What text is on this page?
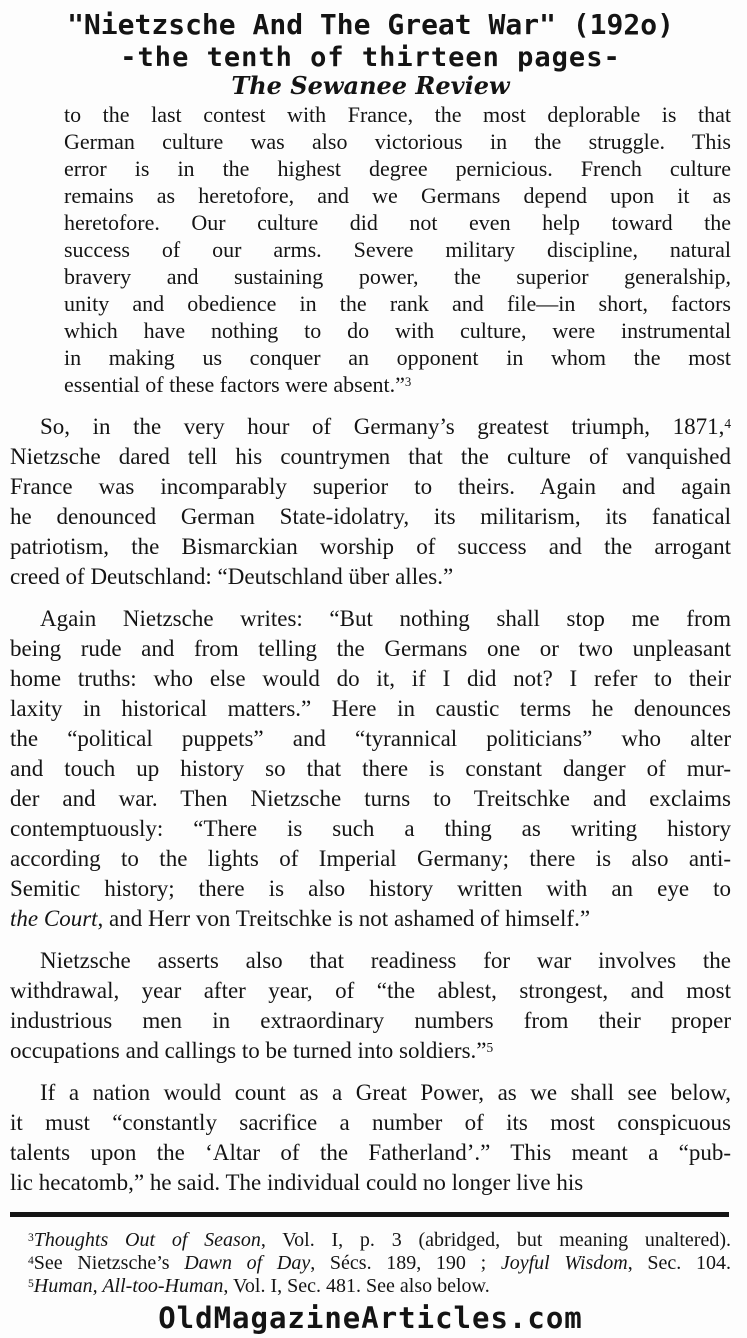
"Nietzsche And The Great War" (192o)
-the tenth of thirteen pages-
The Sewanee Review
to the last contest with France, the most deplorable is that
German culture was also victorious in the struggle. This
error is in the highest degree pernicious. French culture
remains as heretofore, and we Germans depend upon it as
heretofore. Our culture did not even help toward the
success of our arms. Severe military discipline, natural
bravery and sustaining power, the superior generalship,
unity and obedience in the rank and file—in short, factors
which have nothing to do with culture, were instrumental
in making us conquer an opponent in whom the most
essential of these factors were absent.”$^3$
So, in the very hour of Germany’s greatest triumph, 1871,$^4$
Nietzsche dared tell his countrymen that the culture of vanquished
France was incomparably superior to theirs. Again and again
he denounced German State-idolatry, its militarism, its fanatical
patriotism, the Bismarckian worship of success and the arrogant
creed of Deutschland: “Deutschland über alles.”
Again Nietzsche writes: “But nothing shall stop me from
being rude and from telling the Germans one or two unpleasant
home truths: who else would do it, if I did not? I refer to their
laxity in historical matters.” Here in caustic terms he denounces
the “political puppets” and “tyrannical politicians” who alter
and touch up history so that there is constant danger of mur-
der and war. Then Nietzsche turns to Treitschke and exclaims
contemptuously: “There is such a thing as writing history
according to the lights of Imperial Germany; there is also anti-
Semitic history; there is also history written with an eye to
the Court, and Herr von Treitschke is not ashamed of himself.”
Nietzsche asserts also that readiness for war involves the
withdrawal, year after year, of “the ablest, strongest, and most
industrious men in extraordinary numbers from their proper
occupations and callings to be turned into soldiers.”$^5$
If a nation would count as a Great Power, as we shall see below,
it must “constantly sacrifice a number of its most conspicuous
talents upon the ‘Altar of the Fatherland’.” This meant a “pub-
lic hecatomb,” he said. The individual could no longer live his
$^3$Thoughts Out of Season, Vol. I, p. 3 (abridged, but meaning unaltered).
$^4$See Nietzsche’s Dawn of Day, Sécs. 189, 190 ; Joyful Wisdom, Sec. 104.
$^5$Human, All-too-Human, Vol. I, Sec. 481. See also below.
OldMagazineArticles.com
